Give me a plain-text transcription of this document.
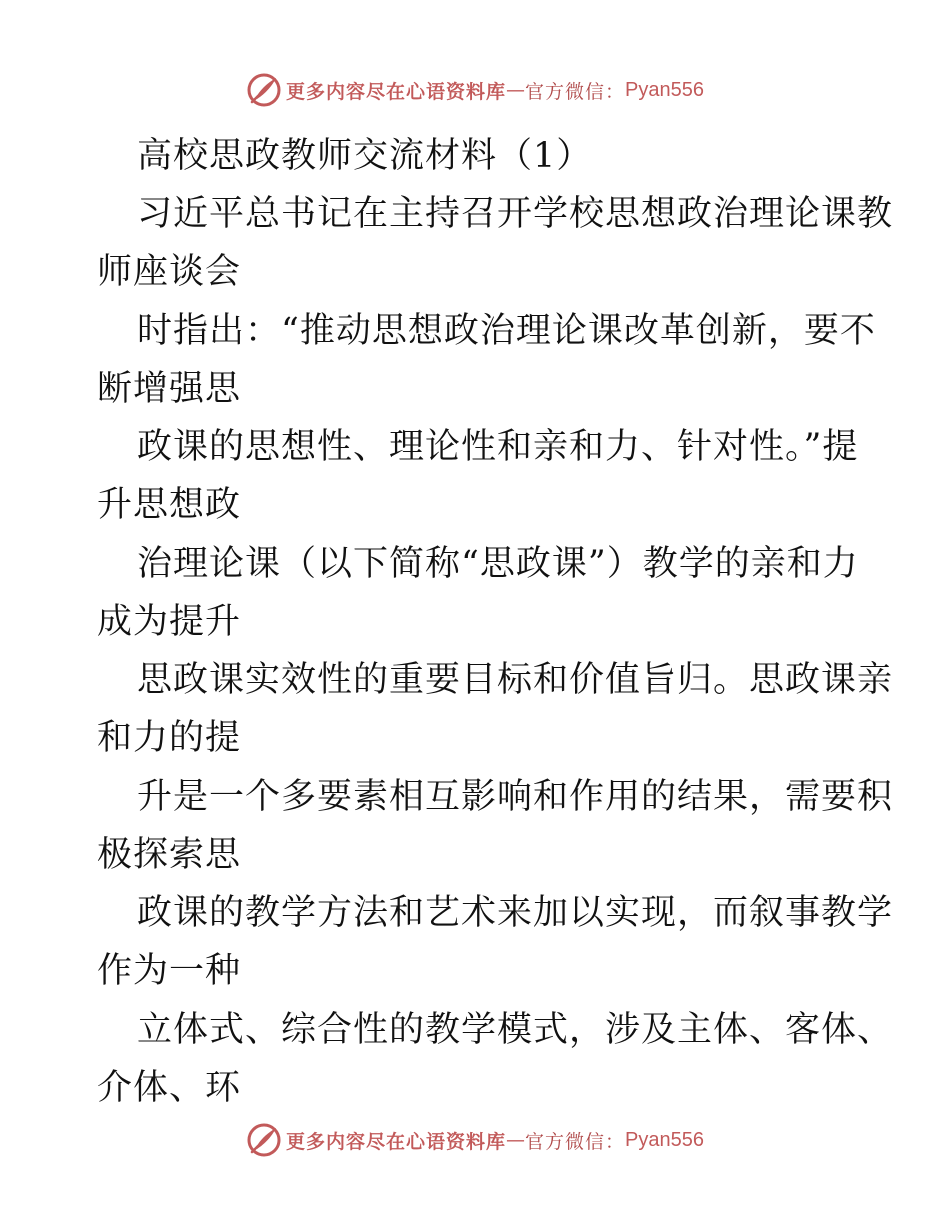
更多内容尽在心语资料库 — 官方微信： Pyan556
高校思政教师交流材料（1）
习近平总书记在主持召开学校思想政治理论课教
师座谈会
时指出：“推动思想政治理论课改革创新，要不
断增强思
政课的思想性、理论性和亲和力、针对性。”提
升思想政
治理论课（以下简称“思政课”）教学的亲和力
成为提升
思政课实效性的重要目标和价值旨归。思政课亲
和力的提
升是一个多要素相互影响和作用的结果，需要积
极探索思
政课的教学方法和艺术来加以实现，而叙事教学
作为一种
立体式、综合性的教学模式，涉及主体、客体、
介体、环
更多内容尽在心语资料库 — 官方微信： Pyan556
